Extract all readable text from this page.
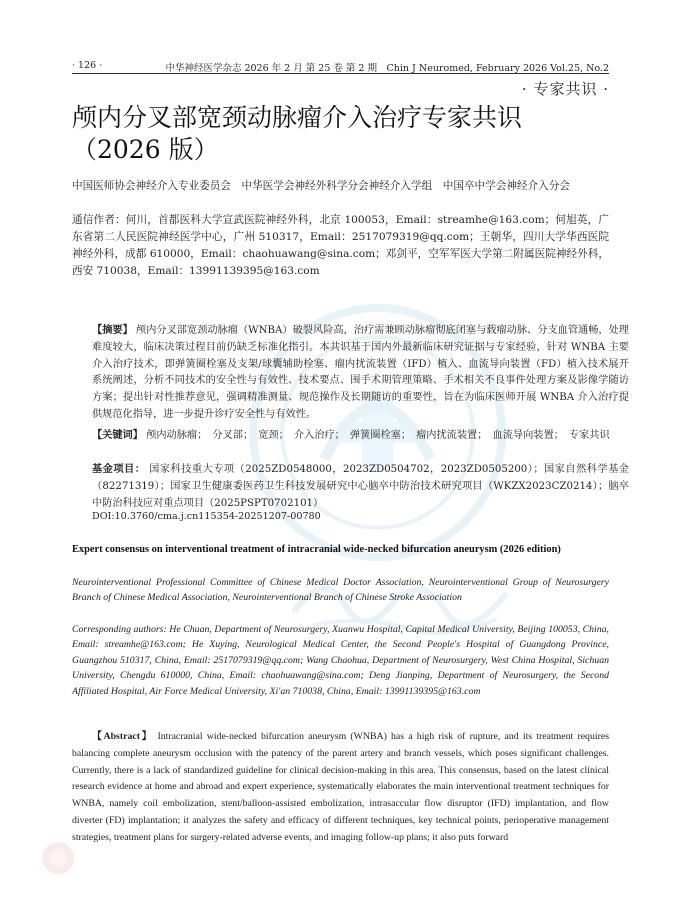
· 126 ·	中华神经医学杂志 2026 年 2 月 第 25 卷 第 2 期　Chin J Neuromed, February 2026 Vol.25, No.2
· 专家共识 ·
颅内分叉部宽颈动脉瘤介入治疗专家共识（2026 版）
中国医师协会神经介入专业委员会　中华医学会神经外科学分会神经介入学组　中国卒中学会神经介入分会
通信作者：何川，首都医科大学宣武医院神经外科，北京 100053，Email：streamhe@163.com；何旭英，广东省第二人民医院神经医学中心，广州 510317，Email：2517079319@qq.com；王朝华，四川大学华西医院神经外科，成都 610000，Email：chaohuawang@sina.com；邓剑平，空军军医大学第二附属医院神经外科，西安 710038，Email：13991139395@163.com
【摘要】 颅内分叉部宽颈动脉瘤（WNBA）破裂风险高，治疗需兼顾动脉瘤彻底闭塞与载瘤动脉、分支血管通畅，处理难度较大，临床决策过程目前仍缺乏标准化指引。本共识基于国内外最新临床研究证据与专家经验，针对 WNBA 主要介入治疗技术，即弹簧圈栓塞及支架/球囊辅助栓塞、瘤内扰流装置（IFD）植入、血流导向装置（FD）植入技术展开系统阐述，分析不同技术的安全性与有效性、技术要点、围手术期管理策略、手术相关不良事件处理方案及影像学随访方案；提出针对性推荐意见，强调精准测量、规范操作及长期随访的重要性，旨在为临床医师开展 WNBA 介入治疗提供规范化指导，进一步提升诊疗安全性与有效性。
【关键词】 颅内动脉瘤；　分叉部；　宽颈；　介入治疗；　弹簧圈栓塞；　瘤内扰流装置；　血流导向装置；　专家共识
基金项目： 国家科技重大专项（2025ZD0548000，2023ZD0504702，2023ZD0505200）；国家自然科学基金（82271319）；国家卫生健康委医药卫生科技发展研究中心脑卒中防治技术研究项目（WKZX2023CZ0214）；脑卒中防治科技应对重点项目（2025PSPT0702101）
DOI:10.3760/cma.j.cn115354-20251207-00780
Expert consensus on interventional treatment of intracranial wide-necked bifurcation aneurysm (2026 edition)
Neurointerventional Professional Committee of Chinese Medical Doctor Association, Neurointerventional Group of Neurosurgery Branch of Chinese Medical Association, Neurointerventional Branch of Chinese Stroke Association
Corresponding authors: He Chuan, Department of Neurosurgery, Xuanwu Hospital, Capital Medical University, Beijing 100053, China, Email: streamhe@163.com; He Xuying, Neurological Medical Center, the Second People's Hospital of Guangdong Province, Guangzhou 510317, China, Email: 2517079319@qq.com; Wang Chaohua, Department of Neurosurgery, West China Hospital, Sichuan University, Chengdu 610000, China, Email: chaohuawang@sina.com; Deng Jianping, Department of Neurosurgery, the Second Affiliated Hospital, Air Force Medical University, Xi'an 710038, China, Email: 13991139395@163.com
【Abstract】 Intracranial wide-necked bifurcation aneurysm (WNBA) has a high risk of rupture, and its treatment requires balancing complete aneurysm occlusion with the patency of the parent artery and branch vessels, which poses significant challenges. Currently, there is a lack of standardized guideline for clinical decision-making in this area. This consensus, based on the latest clinical research evidence at home and abroad and expert experience, systematically elaborates the main interventional treatment techniques for WNBA, namely coil embolization, stent/balloon-assisted embolization, intrasaccular flow disruptor (IFD) implantation, and flow diverter (FD) implantation; it analyzes the safety and efficacy of different techniques, key technical points, perioperative management strategies, treatment plans for surgery-related adverse events, and imaging follow-up plans; it also puts forward
